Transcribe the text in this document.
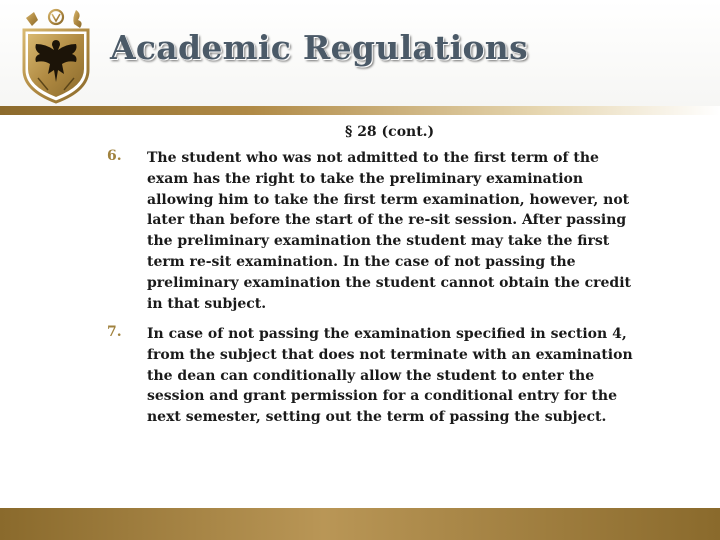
Academic Regulations
§ 28 (cont.)
6. The student who was not admitted to the first term of the
exam has the right to take the preliminary examination
allowing him to take the first term examination, however, not
later than before the start of the re-sit session. After passing
the preliminary examination the student may take the first
term re-sit examination. In the case of not passing the
preliminary examination the student cannot obtain the credit
in that subject.
7. In case of not passing the examination specified in section 4,
from the subject that does not terminate with an examination
the dean can conditionally allow the student to enter the
session and grant permission for a conditional entry for the
next semester, setting out the term of passing the subject.
